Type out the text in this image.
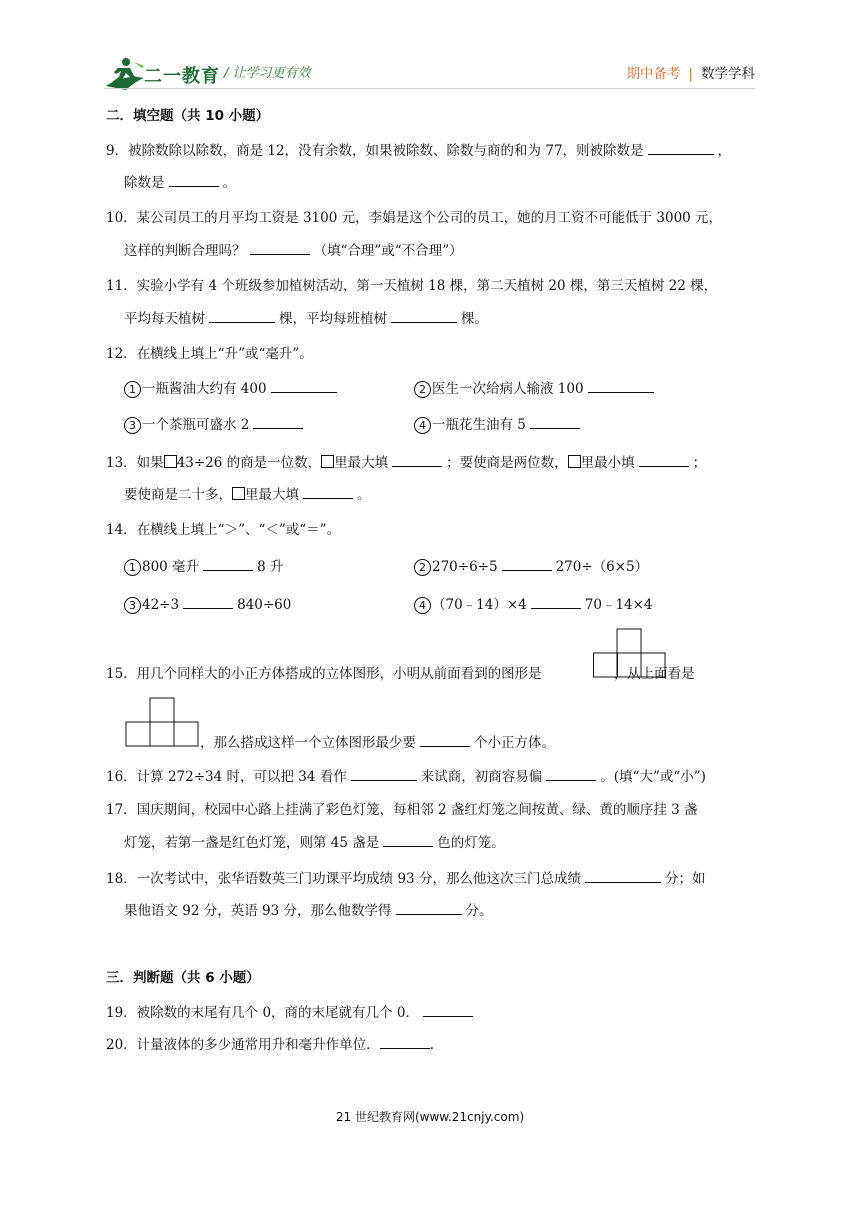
二一教育 / 让学习更有效	期中备考 | 数学学科
二．填空题（共 10 小题）
9．被除数除以除数，商是 12，没有余数，如果被除数、除数与商的和为 77，则被除数是	，
除数是	。
10．某公司员工的月平均工资是 3100 元，李娟是这个公司的员工，她的月工资不可能低于 3000 元，
这样的判断合理吗？	（填“合理”或“不合理”）
11．实验小学有 4 个班级参加植树活动，第一天植树 18 棵，第二天植树 20 棵，第三天植树 22 棵，
平均每天植树	棵，平均每班植树	棵。
12．在横线上填上“升”或“毫升”。
1 一瓶酱油大约有 400	2 医生一次给病人输液 100
3 一个茶瓶可盛水 2	4 一瓶花生油有 5
13．如果 43÷26 的商是一位数， 里最大填	；要使商是两位数， 里最小填	；
要使商是二十多， 里最大填	。
14．在横线上填上“＞”、“＜”或“＝”。
1 800 毫升	8 升	2 270÷6÷5	270÷（6×5）
3 42÷3	840÷60	4 （70﹣14）×4	70﹣14×4
15．用几个同样大的小正方体搭成的立体图形，小明从前面看到的图形是	，从上面看是
，那么搭成这样一个立体图形最少要	个小正方体。
16．计算 272÷34 时，可以把 34 看作	来试商，初商容易偏	。(填“大”或“小”)
17．国庆期间，校园中心路上挂满了彩色灯笼，每相邻 2 盏红灯笼之间按黄、绿、黄的顺序挂 3 盏
灯笼，若第一盏是红色灯笼，则第 45 盏是	色的灯笼。
18．一次考试中，张华语数英三门功课平均成绩 93 分，那么他这次三门总成绩	分；如
果他语文 92 分，英语 93 分，那么他数学得	分。
三．判断题（共 6 小题）
19．被除数的末尾有几个 0，商的末尾就有几个 0．
20．计量液体的多少通常用升和毫升作单位．	.
21 世纪教育网(www.21cnjy.com)
